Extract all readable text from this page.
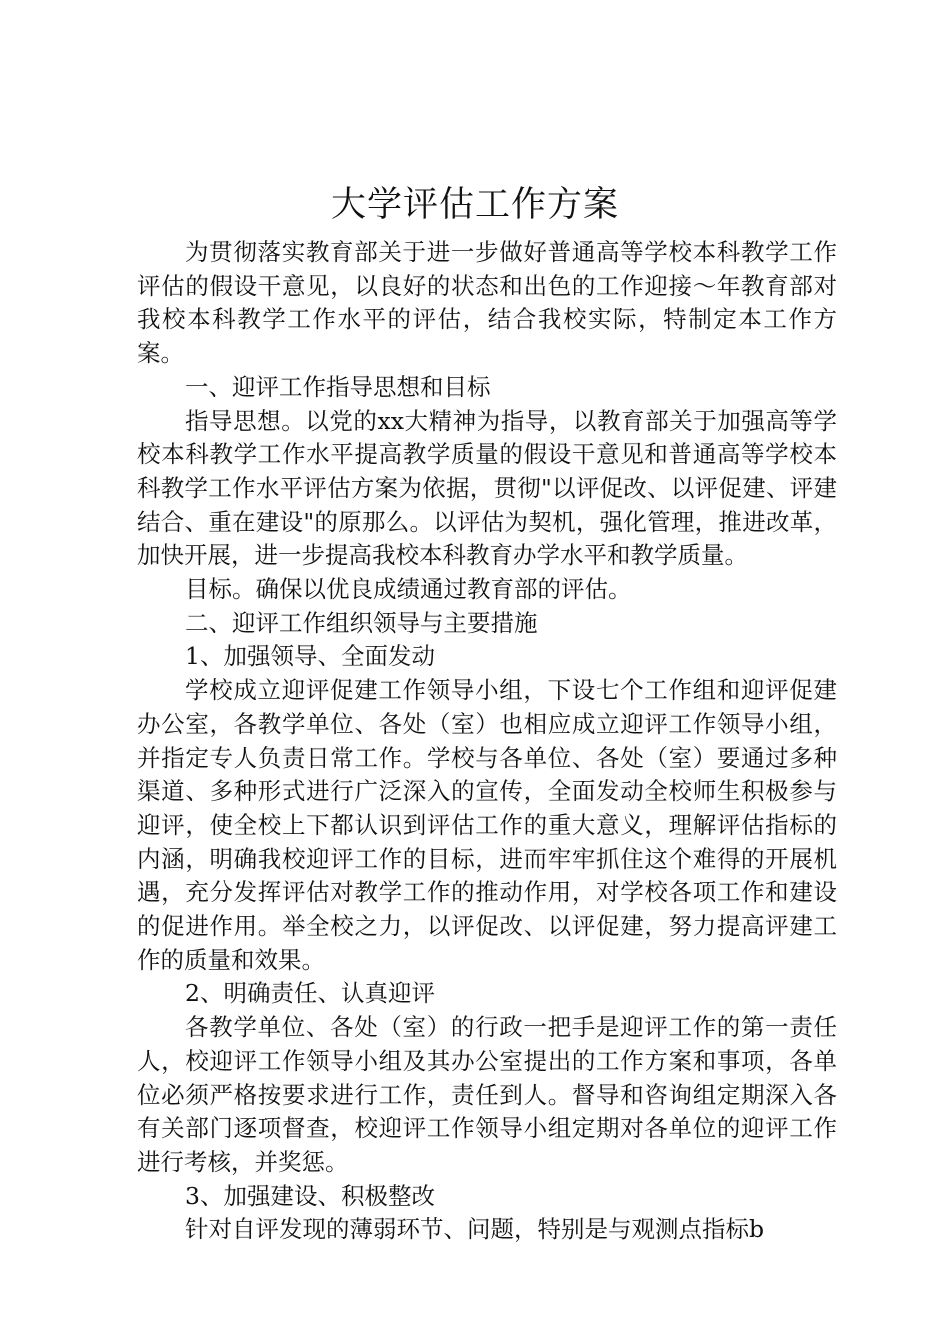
大学评估工作方案

为贯彻落实教育部关于进一步做好普通高等学校本科教学工作评估的假设干意见，以良好的状态和出色的工作迎接～年教育部对我校本科教学工作水平的评估，结合我校实际，特制定本工作方案。

一、迎评工作指导思想和目标

指导思想。以党的xx大精神为指导，以教育部关于加强高等学校本科教学工作水平提高教学质量的假设干意见和普通高等学校本科教学工作水平评估方案为依据，贯彻"以评促改、以评促建、评建结合、重在建设"的原那么。以评估为契机，强化管理，推进改革，加快开展，进一步提高我校本科教育办学水平和教学质量。

目标。确保以优良成绩通过教育部的评估。

二、迎评工作组织领导与主要措施

1、加强领导、全面发动

学校成立迎评促建工作领导小组，下设七个工作组和迎评促建办公室，各教学单位、各处（室）也相应成立迎评工作领导小组，并指定专人负责日常工作。学校与各单位、各处（室）要通过多种渠道、多种形式进行广泛深入的宣传，全面发动全校师生积极参与迎评，使全校上下都认识到评估工作的重大意义，理解评估指标的内涵，明确我校迎评工作的目标，进而牢牢抓住这个难得的开展机遇，充分发挥评估对教学工作的推动作用，对学校各项工作和建设的促进作用。举全校之力，以评促改、以评促建，努力提高评建工作的质量和效果。

2、明确责任、认真迎评

各教学单位、各处（室）的行政一把手是迎评工作的第一责任人，校迎评工作领导小组及其办公室提出的工作方案和事项，各单位必须严格按要求进行工作，责任到人。督导和咨询组定期深入各有关部门逐项督查，校迎评工作领导小组定期对各单位的迎评工作进行考核，并奖惩。

3、加强建设、积极整改

针对自评发现的薄弱环节、问题，特别是与观测点指标b
